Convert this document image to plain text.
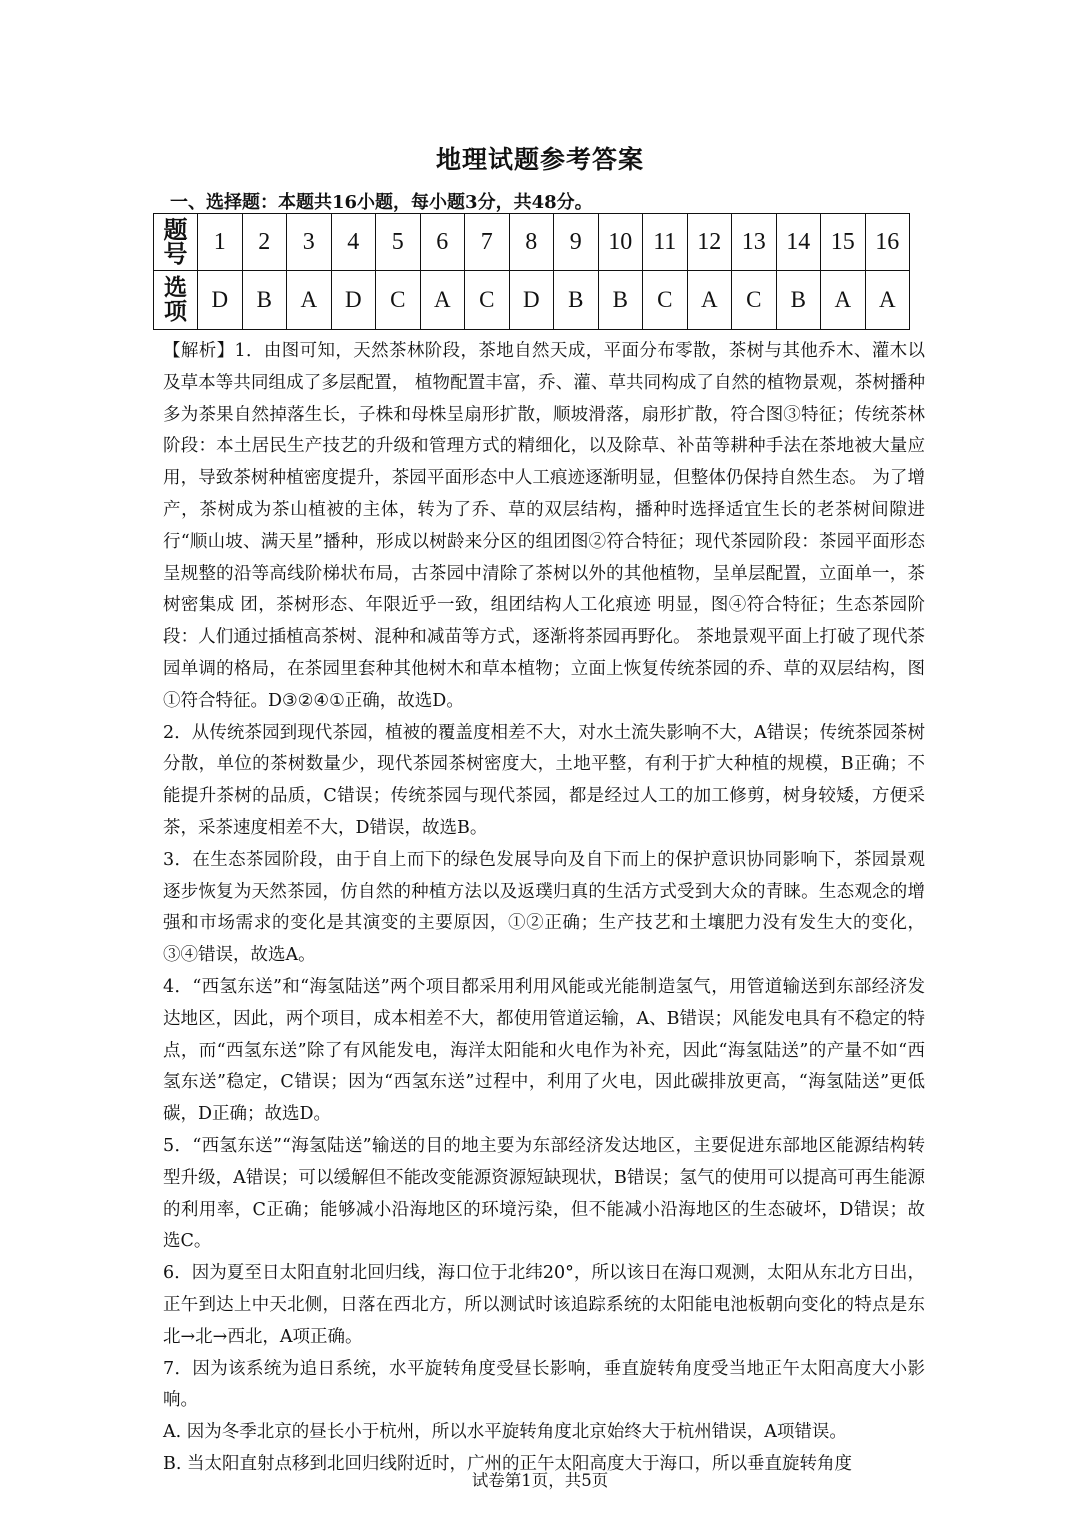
地理试题参考答案
一、选择题：本题共16小题，每小题3分，共48分。
题
号	1	2	3	4	5	6	7	8	9	10	11	12	13	14	15	16
选
项	D	B	A	D	C	A	C	D	B	B	C	A	C	B	A	A

【解析】1．由图可知，天然茶林阶段，茶地自然天成，平面分布零散，茶树与其他乔木、灌木以及草本等共同组成了多层配置， 植物配置丰富，乔、灌、草共同构成了自然的植物景观，茶树播种多为茶果自然掉落生长，子株和母株呈扇形扩散，顺坡滑落，扇形扩散，符合图③特征；传统茶林阶段：本土居民生产技艺的升级和管理方式的精细化，以及除草、补苗等耕种手法在茶地被大量应用，导致茶树种植密度提升，茶园平面形态中人工痕迹逐渐明显，但整体仍保持自然生态。 为了增产，茶树成为茶山植被的主体，转为了乔、草的双层结构，播种时选择适宜生长的老茶树间隙进 行“顺山坡、满天星”播种，形成以树龄来分区的组团图②符合特征；现代茶园阶段：茶园平面形态呈规整的沿等高线阶梯状布局，古茶园中清除了茶树以外的其他植物，呈单层配置，立面单一，茶树密集成 团，茶树形态、年限近乎一致，组团结构人工化痕迹 明显，图④符合特征；生态茶园阶段：人们通过插植高茶树、混种和减苗等方式，逐渐将茶园再野化。 茶地景观平面上打破了现代茶园单调的格局，在茶园里套种其他树木和草本植物；立面上恢复传统茶园的乔、草的双层结构，图①符合特征。D③②④①正确，故选D。

2．从传统茶园到现代茶园，植被的覆盖度相差不大，对水土流失影响不大，A错误；传统茶园茶树分散，单位的茶树数量少，现代茶园茶树密度大，土地平整，有利于扩大种植的规模，B正确；不能提升茶树的品质，C错误；传统茶园与现代茶园，都是经过人工的加工修剪，树身较矮，方便采茶，采茶速度相差不大，D错误，故选B。

3．在生态茶园阶段，由于自上而下的绿色发展导向及自下而上的保护意识协同影响下，茶园景观逐步恢复为天然茶园，仿自然的种植方法以及返璞归真的生活方式受到大众的青睐。生态观念的增强和市场需求的变化是其演变的主要原因，①②正确；生产技艺和土壤肥力没有发生大的变化，③④错误，故选A。

4．“西氢东送”和“海氢陆送”两个项目都采用利用风能或光能制造氢气，用管道输送到东部经济发达地区，因此，两个项目，成本相差不大，都使用管道运输，A、B错误；风能发电具有不稳定的特点，而“西氢东送”除了有风能发电，海洋太阳能和火电作为补充，因此“海氢陆送”的产量不如“西氢东送”稳定，C错误；因为“西氢东送”过程中，利用了火电，因此碳排放更高，“海氢陆送”更低碳，D正确；故选D。

5．“西氢东送”“海氢陆送”输送的目的地主要为东部经济发达地区，主要促进东部地区能源结构转型升级，A错误；可以缓解但不能改变能源资源短缺现状，B错误；氢气的使用可以提高可再生能源的利用率，C正确；能够减小沿海地区的环境污染，但不能减小沿海地区的生态破坏，D错误；故选C。

6．因为夏至日太阳直射北回归线，海口位于北纬20°，所以该日在海口观测，太阳从东北方日出，正午到达上中天北侧，日落在西北方，所以测试时该追踪系统的太阳能电池板朝向变化的特点是东北→北→西北，A项正确。

7．因为该系统为追日系统，水平旋转角度受昼长影响，垂直旋转角度受当地正午太阳高度大小影响。

A. 因为冬季北京的昼长小于杭州，所以水平旋转角度北京始终大于杭州错误，A项错误。

B. 当太阳直射点移到北回归线附近时，广州的正午太阳高度大于海口，所以垂直旋转角度

试卷第1页，共5页
